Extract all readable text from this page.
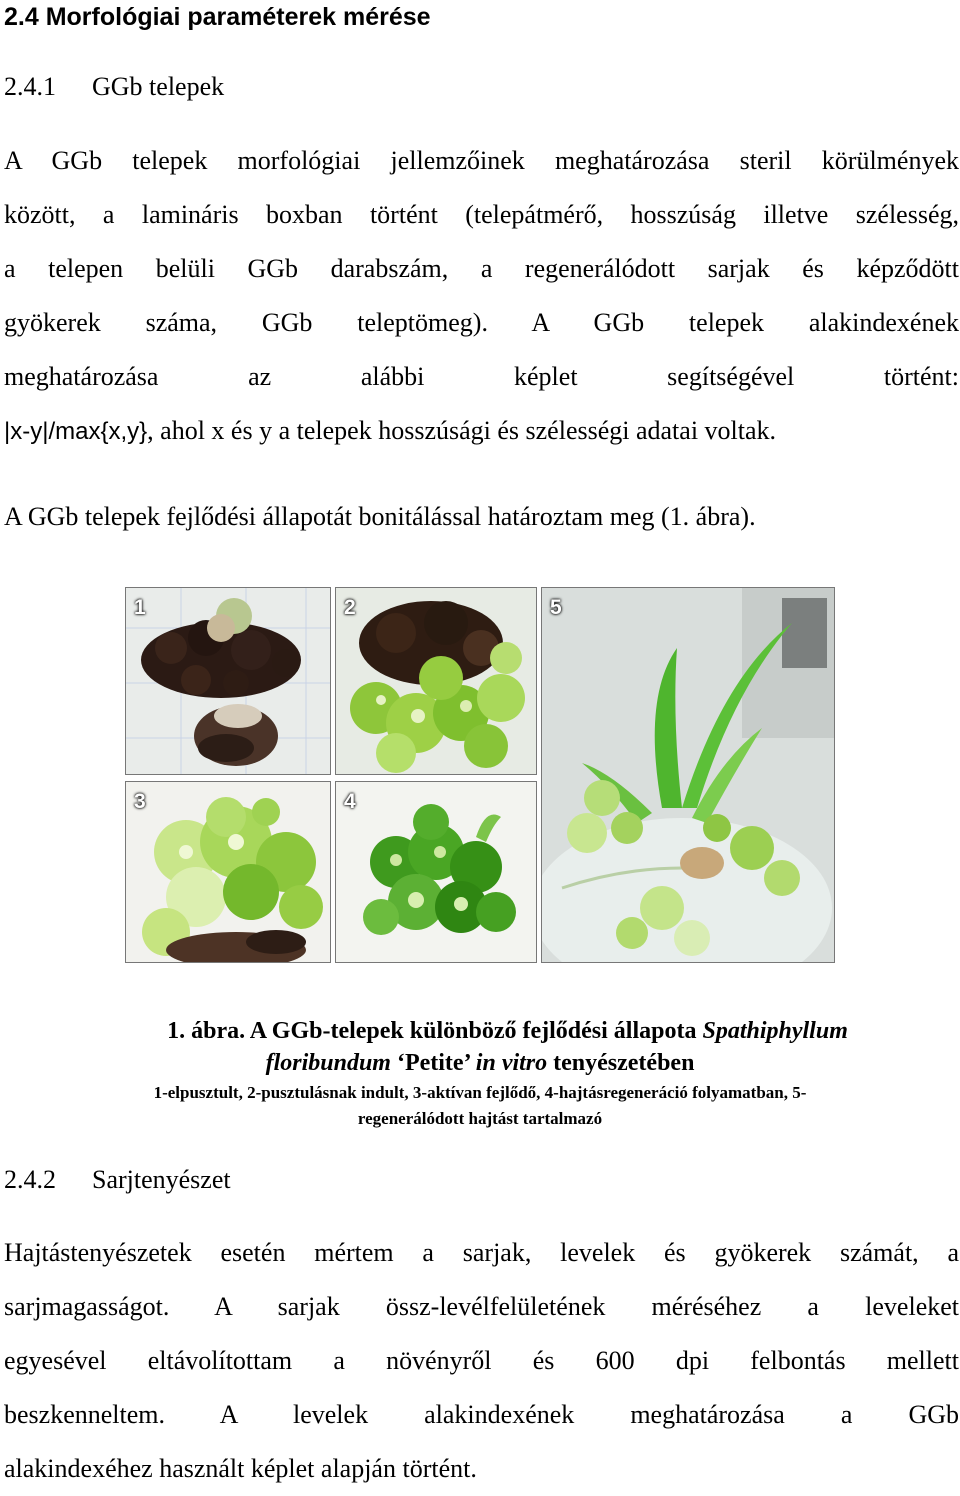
2.4 Morfológiai paraméterek mérése
2.4.1 GGb telepek
A GGb telepek morfológiai jellemzőinek meghatározása steril körülmények
között, a lamináris boxban történt (telepátmérő, hosszúság illetve szélesség,
a telepen belüli GGb darabszám, a regenerálódott sarjak és képződött
gyökerek száma, GGb teleptömeg). A GGb telepek alakindexének
meghatározása az alábbi képlet segítségével történt:
|x-y|/max{x,y}, ahol x és y a telepek hosszúsági és szélességi adatai voltak.
A GGb telepek fejlődési állapotát bonitálással határoztam meg (1. ábra).
1	2
3	4
5
1. ábra. A GGb-telepek különböző fejlődési állapota Spathiphyllum
floribundum ‘Petite’ in vitro tenyészetében
1-elpusztult, 2-pusztulásnak indult, 3-aktívan fejlődő, 4-hajtásregeneráció folyamatban, 5-
regenerálódott hajtást tartalmazó
2.4.2 Sarjtenyészet
Hajtástenyészetek esetén mértem a sarjak, levelek és gyökerek számát, a
sarjmagasságot. A sarjak össz-levélfelületének méréséhez a leveleket
egyesével eltávolítottam a növényről és 600 dpi felbontás mellett
beszkenneltem. A levelek alakindexének meghatározása a GGb
alakindexéhez használt képlet alapján történt.
